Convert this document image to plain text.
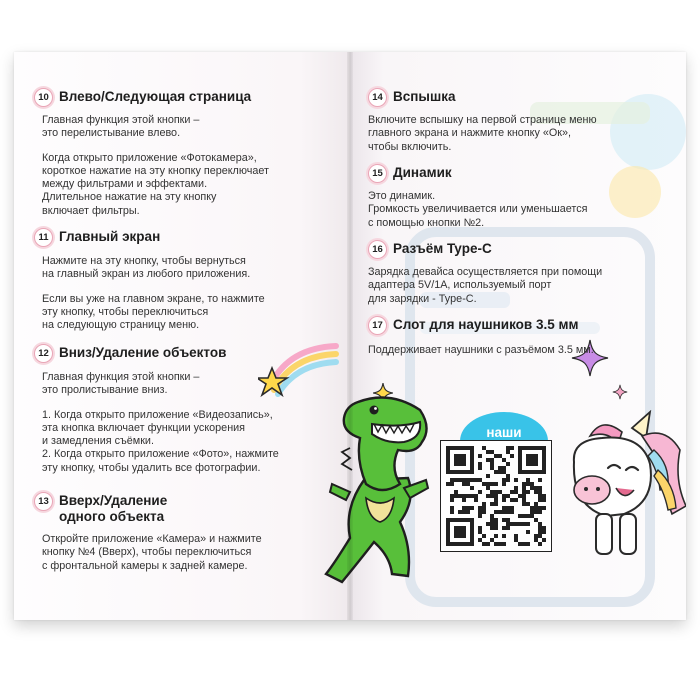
наши

10 Влево/Следующая страница

Главная функция этой кнопки –
это перелистывание влево.

Когда открыто приложение «Фотокамера»,
короткое нажатие на эту кнопку переключает
между фильтрами и эффектами.
Длительное нажатие на эту кнопку
включает фильтры.

11 Главный экран

Нажмите на эту кнопку, чтобы вернуться
на главный экран из любого приложения.

Если вы уже на главном экране, то нажмите
эту кнопку, чтобы переключиться
на следующую страницу меню.

12 Вниз/Удаление объектов

Главная функция этой кнопки –
это пролистывание вниз.

1. Когда открыто приложение «Видеозапись»,
эта кнопка включает функции ускорения
и замедления съёмки.
2. Когда открыто приложение «Фото», нажмите
эту кнопку, чтобы удалить все фотографии.

13 Вверх/Удаление
одного объекта

Откройте приложение «Камера» и нажмите
кнопку №4 (Вверх), чтобы переключиться
с фронтальной камеры к задней камере.

14 Вспышка

Включите вспышку на первой странице меню
главного экрана и нажмите кнопку «Ок»,
чтобы включить.

15 Динамик

Это динамик.
Громкость увеличивается или уменьшается
с помощью кнопки №2.

16 Разъём Type-C

Зарядка девайса осуществляется при помощи
адаптера 5V/1A, используемый порт
для зарядки - Type-C.

17 Слот для наушников 3.5 мм

Поддерживает наушники с разъёмом 3.5 мм.
